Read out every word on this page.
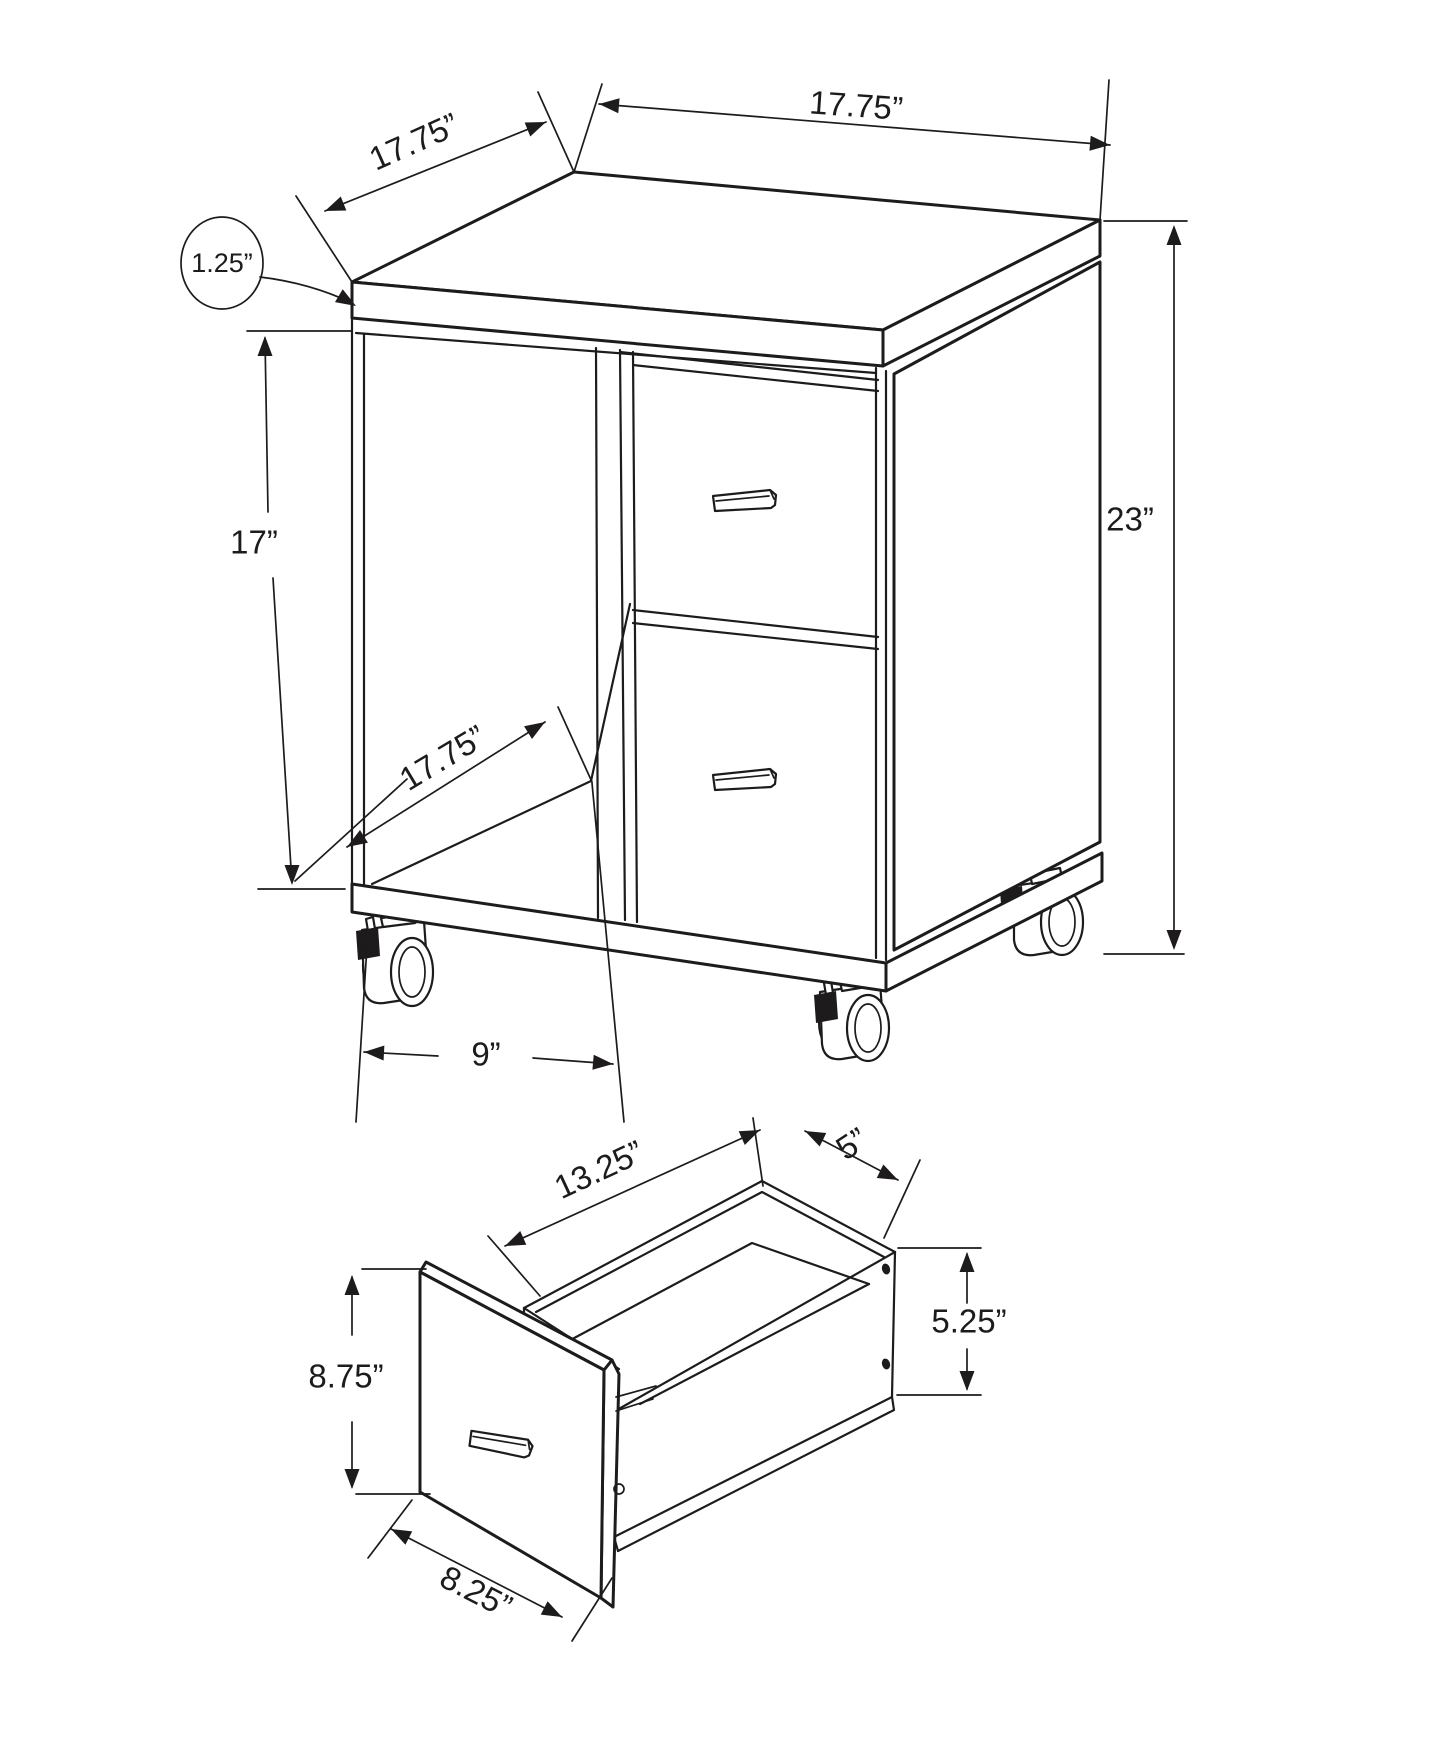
17.75”
17.75”
1.25”
17”
23”
17.75”
9”
13.25”	5”
5.25”
8.75”
8.25”
